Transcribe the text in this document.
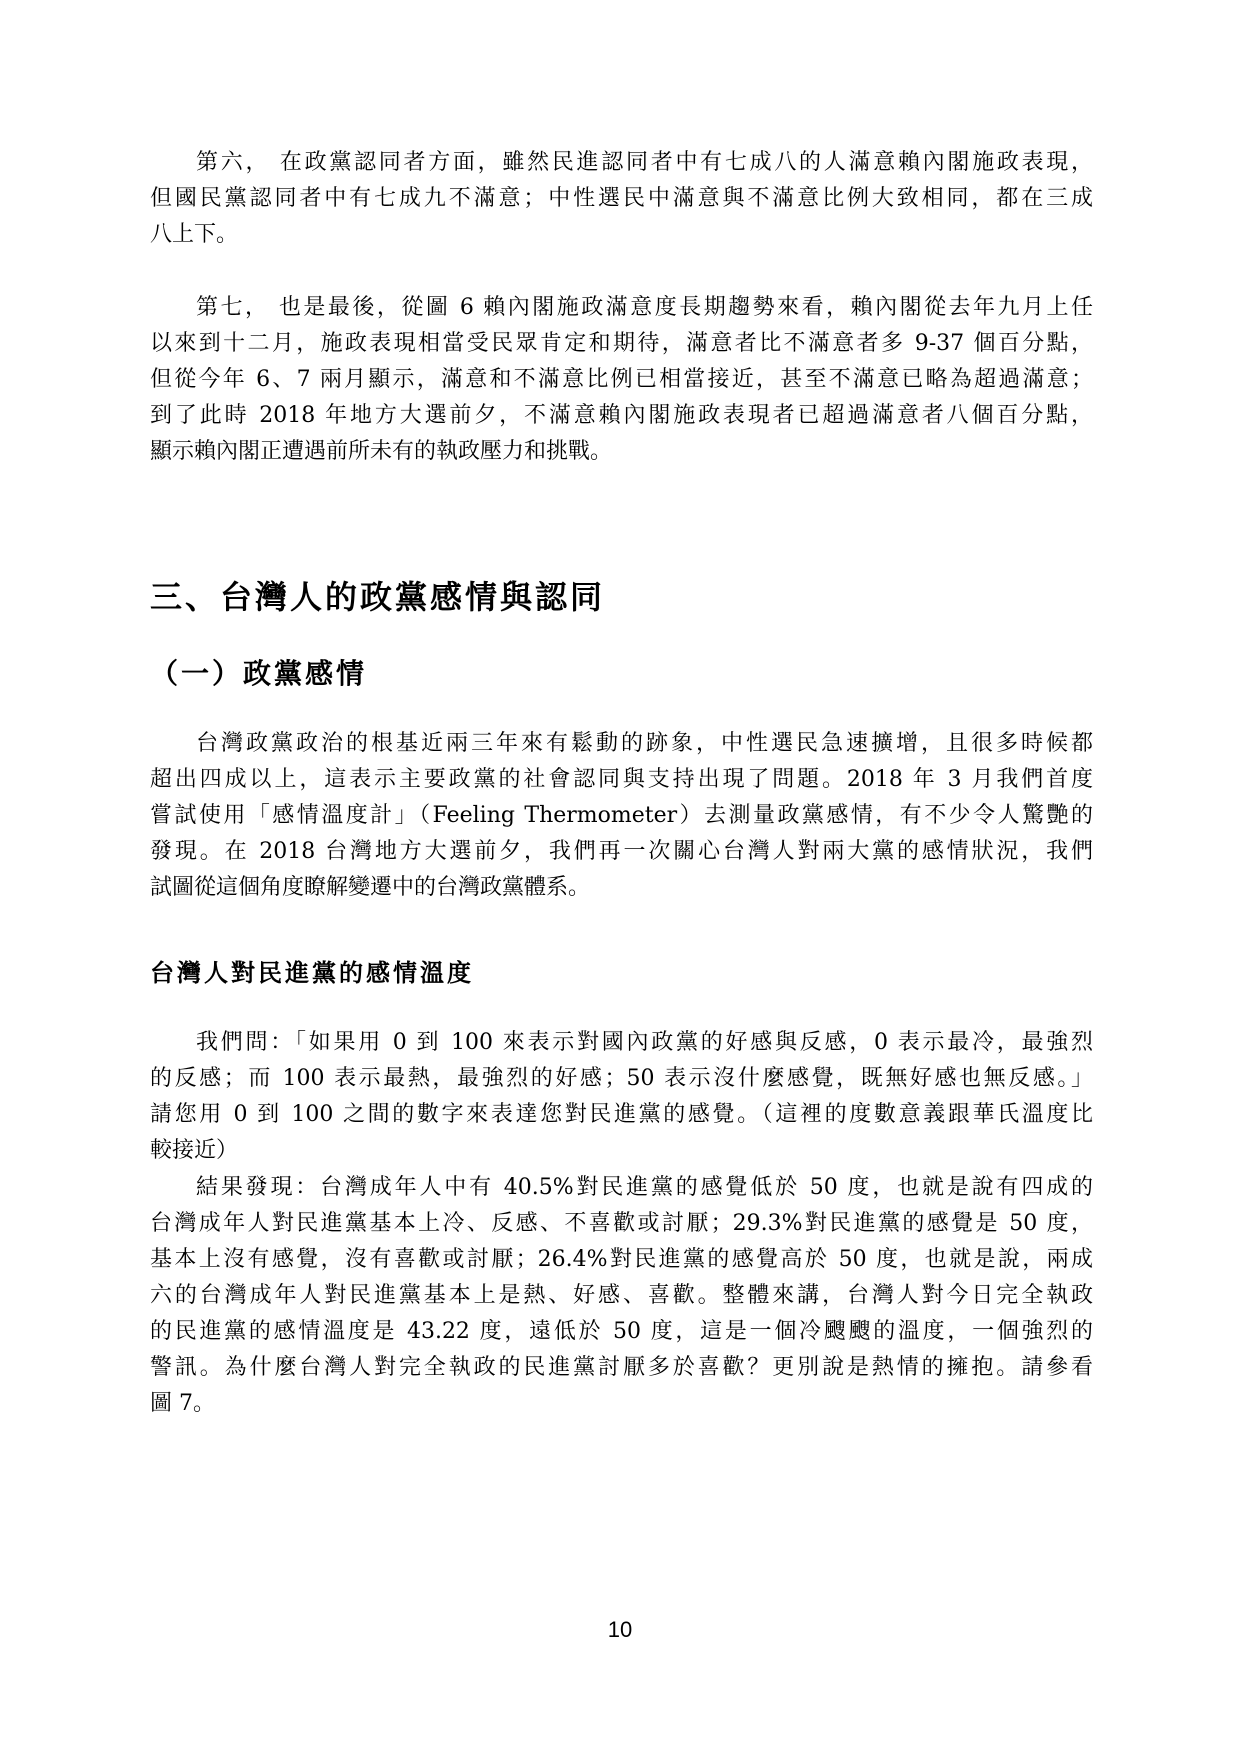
第六， 在政黨認同者方面，雖然民進認同者中有七成八的人滿意賴內閣施政表現，
但國民黨認同者中有七成九不滿意；中性選民中滿意與不滿意比例大致相同，都在三成
八上下。
第七， 也是最後，從圖 6 賴內閣施政滿意度長期趨勢來看，賴內閣從去年九月上任
以來到十二月，施政表現相當受民眾肯定和期待，滿意者比不滿意者多 9-37 個百分點，
但從今年 6、7 兩月顯示，滿意和不滿意比例已相當接近，甚至不滿意已略為超過滿意；
到了此時 2018 年地方大選前夕，不滿意賴內閣施政表現者已超過滿意者八個百分點，
顯示賴內閣正遭遇前所未有的執政壓力和挑戰。
三、台灣人的政黨感情與認同
（一）政黨感情
台灣政黨政治的根基近兩三年來有鬆動的跡象，中性選民急速擴增，且很多時候都
超出四成以上，這表示主要政黨的社會認同與支持出現了問題。2018 年 3 月我們首度
嘗試使用「感情溫度計」（Feeling Thermometer）去測量政黨感情，有不少令人驚艷的
發現。在 2018 台灣地方大選前夕，我們再一次關心台灣人對兩大黨的感情狀況，我們
試圖從這個角度瞭解變遷中的台灣政黨體系。
台灣人對民進黨的感情溫度
我們問：「如果用 0 到 100 來表示對國內政黨的好感與反感，0 表示最冷，最強烈
的反感；而 100 表示最熱，最強烈的好感；50 表示沒什麼感覺，既無好感也無反感。」
請您用 0 到 100 之間的數字來表達您對民進黨的感覺。（這裡的度數意義跟華氏溫度比
較接近）
結果發現：台灣成年人中有 40.5%對民進黨的感覺低於 50 度，也就是說有四成的
台灣成年人對民進黨基本上冷、反感、不喜歡或討厭；29.3%對民進黨的感覺是 50 度，
基本上沒有感覺，沒有喜歡或討厭；26.4%對民進黨的感覺高於 50 度，也就是說，兩成
六的台灣成年人對民進黨基本上是熱、好感、喜歡。整體來講，台灣人對今日完全執政
的民進黨的感情溫度是 43.22 度，遠低於 50 度，這是一個冷颼颼的溫度，一個強烈的
警訊。為什麼台灣人對完全執政的民進黨討厭多於喜歡？更別說是熱情的擁抱。請參看
圖 7。
10
